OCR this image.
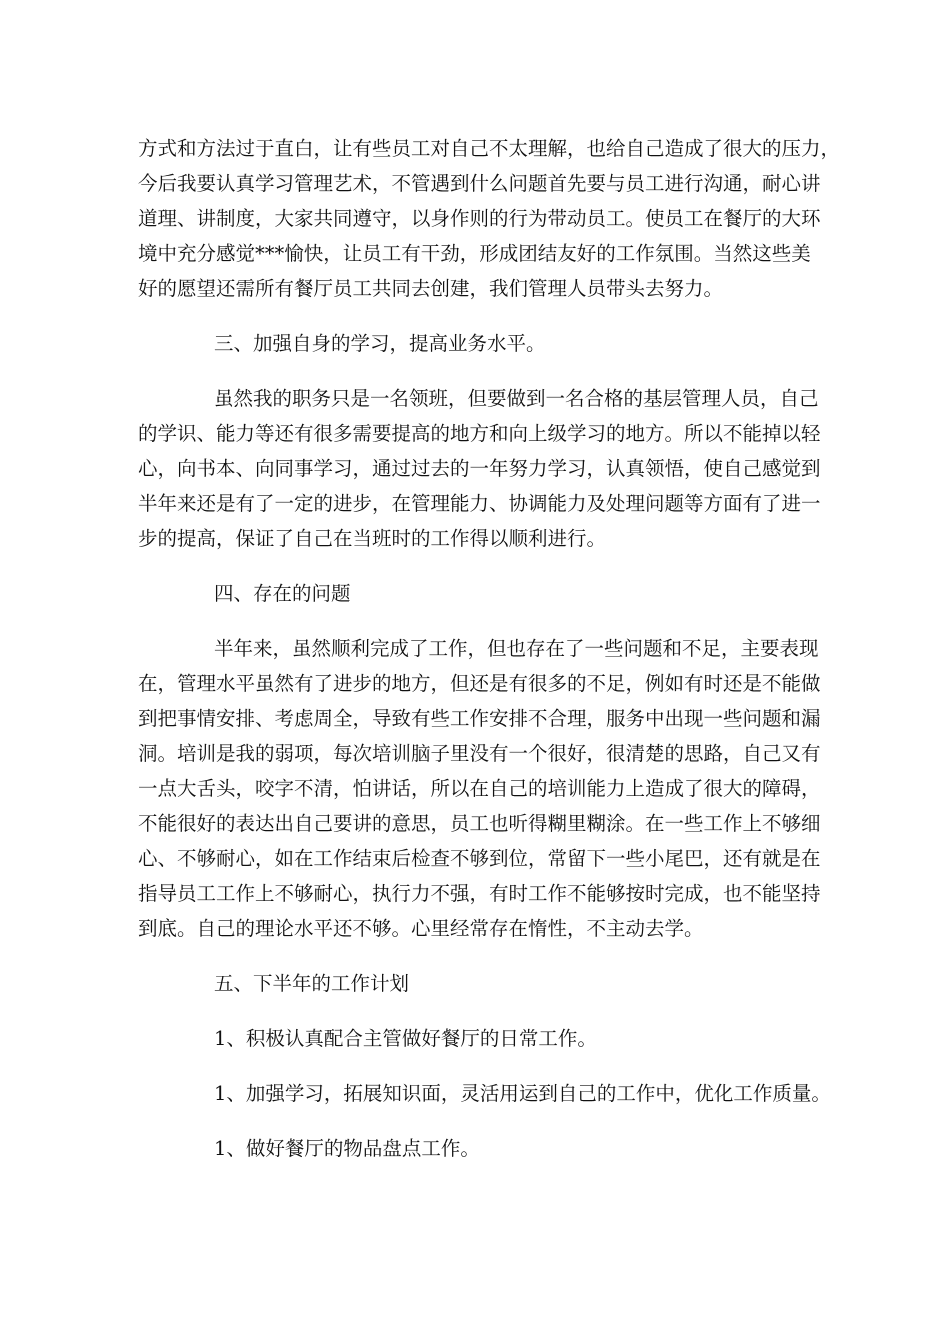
方式和方法过于直白，让有些员工对自己不太理解，也给自己造成了很大的压力，
今后我要认真学习管理艺术，不管遇到什么问题首先要与员工进行沟通，耐心讲
道理、讲制度，大家共同遵守，以身作则的行为带动员工。使员工在餐厅的大环
境中充分感觉***愉快，让员工有干劲，形成团结友好的工作氛围。当然这些美
好的愿望还需所有餐厅员工共同去创建，我们管理人员带头去努力。
三、加强自身的学习，提高业务水平。
虽然我的职务只是一名领班，但要做到一名合格的基层管理人员，自己
的学识、能力等还有很多需要提高的地方和向上级学习的地方。所以不能掉以轻
心，向书本、向同事学习，通过过去的一年努力学习，认真领悟，使自己感觉到
半年来还是有了一定的进步，在管理能力、协调能力及处理问题等方面有了进一
步的提高，保证了自己在当班时的工作得以顺利进行。
四、存在的问题
半年来，虽然顺利完成了工作，但也存在了一些问题和不足，主要表现
在，管理水平虽然有了进步的地方，但还是有很多的不足，例如有时还是不能做
到把事情安排、考虑周全，导致有些工作安排不合理，服务中出现一些问题和漏
洞。培训是我的弱项，每次培训脑子里没有一个很好，很清楚的思路，自己又有
一点大舌头，咬字不清，怕讲话，所以在自己的培训能力上造成了很大的障碍，
不能很好的表达出自己要讲的意思，员工也听得糊里糊涂。在一些工作上不够细
心、不够耐心，如在工作结束后检查不够到位，常留下一些小尾巴，还有就是在
指导员工工作上不够耐心，执行力不强，有时工作不能够按时完成，也不能坚持
到底。自己的理论水平还不够。心里经常存在惰性，不主动去学。
五、下半年的工作计划
1、积极认真配合主管做好餐厅的日常工作。
1、加强学习，拓展知识面，灵活用运到自己的工作中，优化工作质量。
1、做好餐厅的物品盘点工作。
